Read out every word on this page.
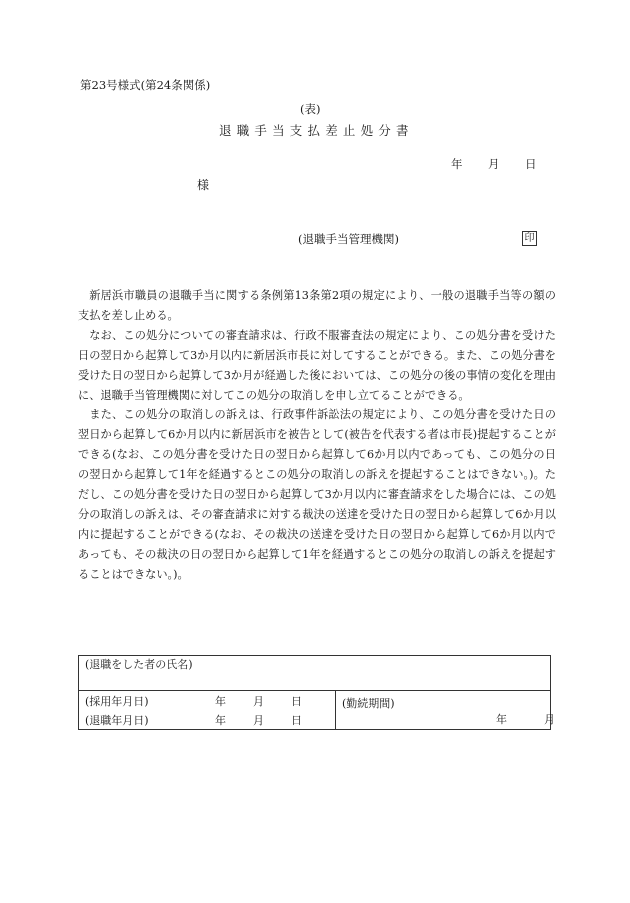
第23号様式(第24条関係)
(表)
退職手当支払差止処分書
年 月 日
様
(退職手当管理機関)	印

新居浜市職員の退職手当に関する条例第13条第2項の規定により、一般の退職手当等の額の支払を差し止める。

なお、この処分についての審査請求は、行政不服審査法の規定により、この処分書を受けた日の翌日から起算して3か月以内に新居浜市長に対してすることができる。また、この処分書を受けた日の翌日から起算して3か月が経過した後においては、この処分の後の事情の変化を理由に、退職手当管理機関に対してこの処分の取消しを申し立てることができる。

また、この処分の取消しの訴えは、行政事件訴訟法の規定により、この処分書を受けた日の翌日から起算して6か月以内に新居浜市を被告として(被告を代表する者は市長)提起することができる(なお、この処分書を受けた日の翌日から起算して6か月以内であっても、この処分の日の翌日から起算して1年を経過するとこの処分の取消しの訴えを提起することはできない。)。ただし、この処分書を受けた日の翌日から起算して3か月以内に審査請求をした場合には、この処分の取消しの訴えは、その審査請求に対する裁決の送達を受けた日の翌日から起算して6か月以内に提起することができる(なお、その裁決の送達を受けた日の翌日から起算して6か月以内であっても、その裁決の日の翌日から起算して1年を経過するとこの処分の取消しの訴えを提起することはできない。)。

(退職をした者の氏名)

(採用年月日)	年	月	日
(退職年月日)	年	月	日

(勤続期間)
年	月
